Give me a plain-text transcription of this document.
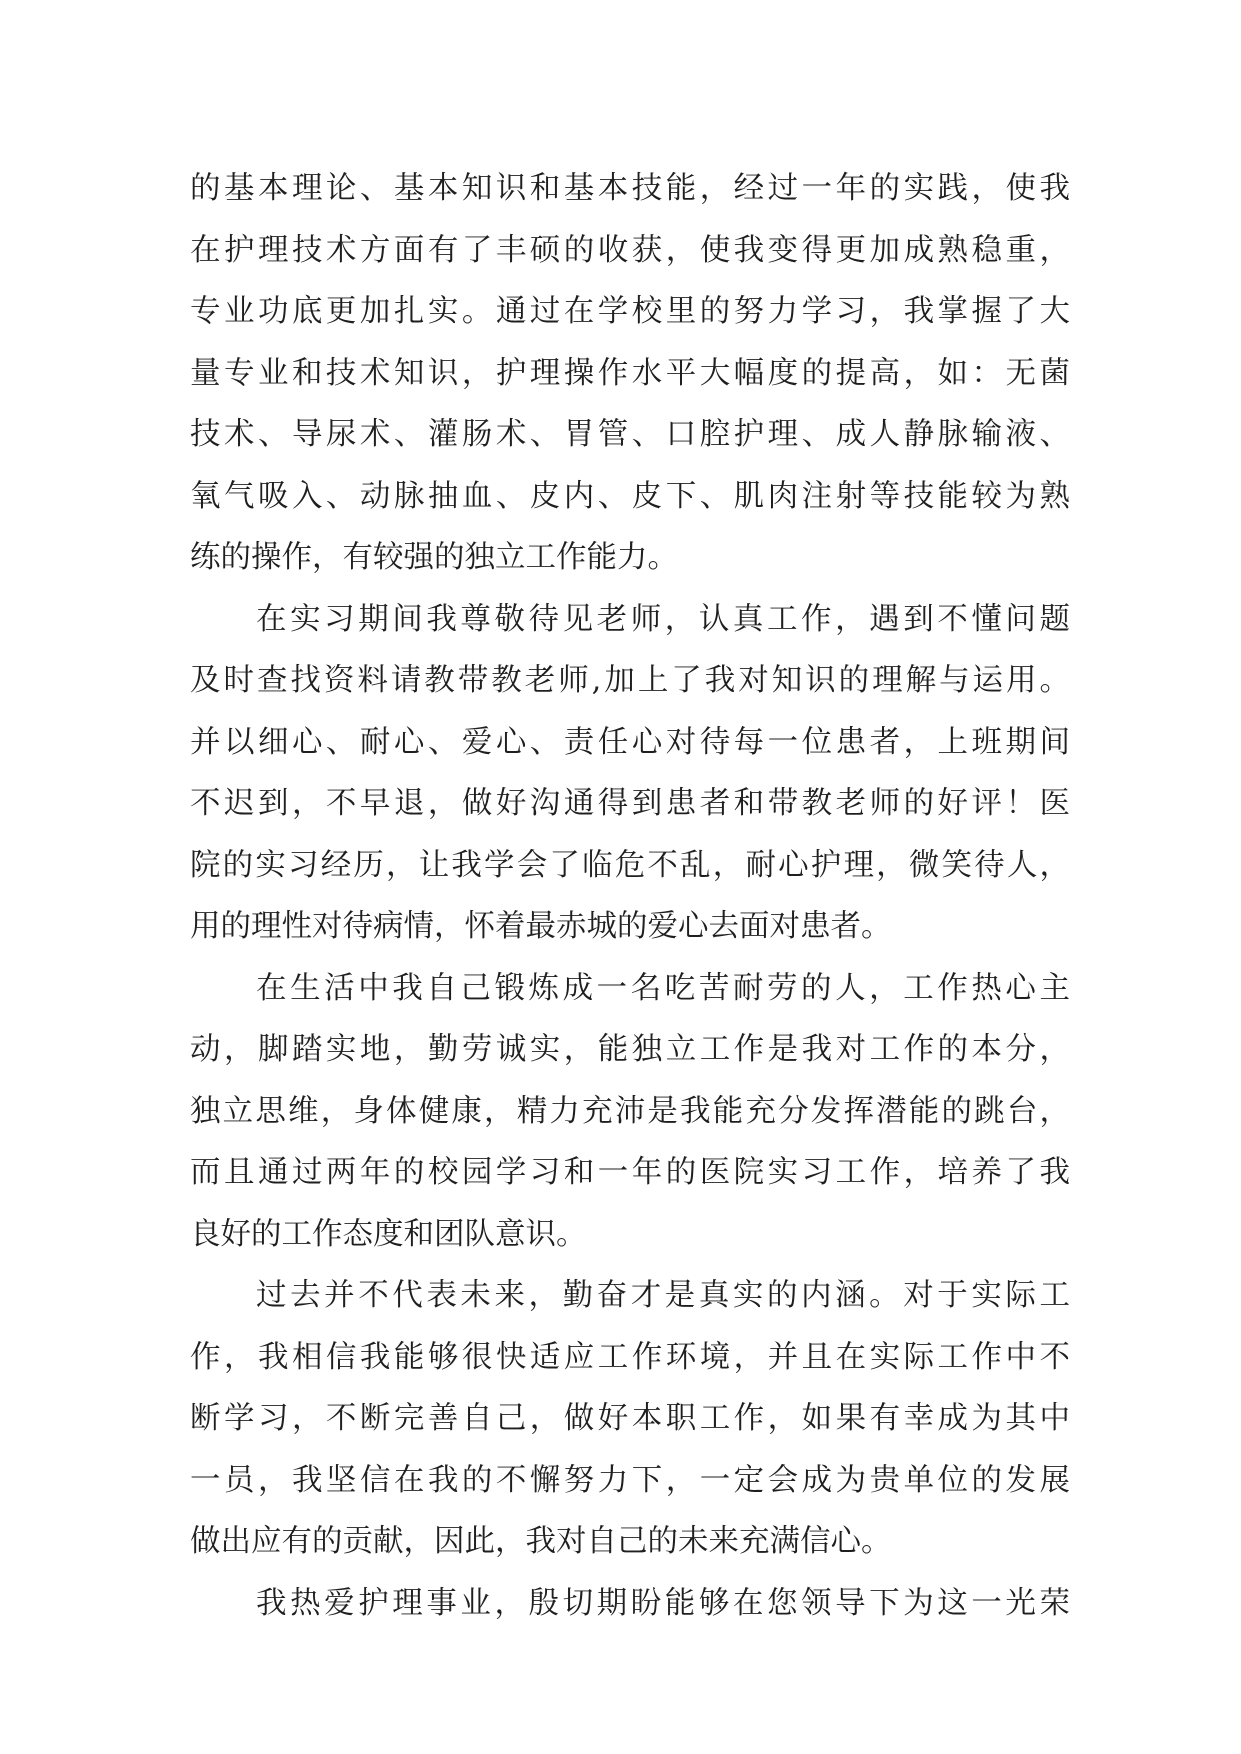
的基本理论、基本知识和基本技能，经过一年的实践，使我
在护理技术方面有了丰硕的收获，使我变得更加成熟稳重，
专业功底更加扎实。通过在学校里的努力学习，我掌握了大
量专业和技术知识，护理操作水平大幅度的提高，如：无菌
技术、导尿术、灌肠术、胃管、口腔护理、成人静脉输液、
氧气吸入、动脉抽血、皮内、皮下、肌肉注射等技能较为熟
练的操作，有较强的独立工作能力。
在实习期间我尊敬待见老师，认真工作，遇到不懂问题
及时查找资料请教带教老师,加上了我对知识的理解与运用。
并以细心、耐心、爱心、责任心对待每一位患者，上班期间
不迟到，不早退，做好沟通得到患者和带教老师的好评！医
院的实习经历，让我学会了临危不乱，耐心护理，微笑待人，
用的理性对待病情，怀着最赤城的爱心去面对患者。
在生活中我自己锻炼成一名吃苦耐劳的人，工作热心主
动，脚踏实地，勤劳诚实，能独立工作是我对工作的本分，
独立思维，身体健康，精力充沛是我能充分发挥潜能的跳台，
而且通过两年的校园学习和一年的医院实习工作，培养了我
良好的工作态度和团队意识。
过去并不代表未来，勤奋才是真实的内涵。对于实际工
作，我相信我能够很快适应工作环境，并且在实际工作中不
断学习，不断完善自己，做好本职工作，如果有幸成为其中
一员，我坚信在我的不懈努力下，一定会成为贵单位的发展
做出应有的贡献，因此，我对自己的未来充满信心。
我热爱护理事业，殷切期盼能够在您领导下为这一光荣
